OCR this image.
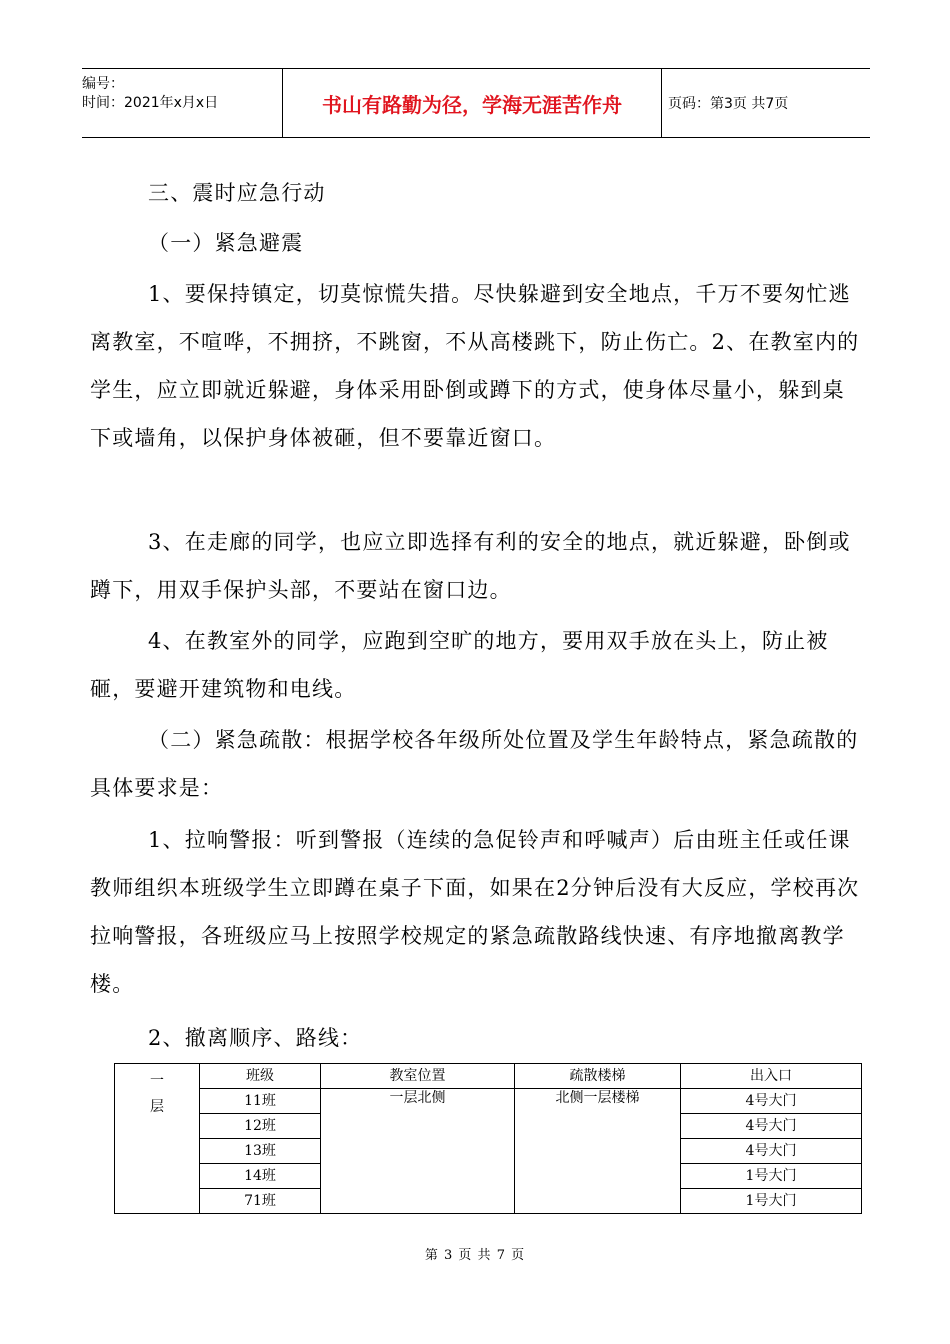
编号：
时间：2021年x月x日	书山有路勤为径，学海无涯苦作舟	页码：第3页 共7页

三、震时应急行动

（一）紧急避震

1、要保持镇定，切莫惊慌失措。尽快躲避到安全地点，千万不要匆忙逃离教室，不喧哗，不拥挤，不跳窗，不从高楼跳下，防止伤亡。2、在教室内的学生，应立即就近躲避，身体采用卧倒或蹲下的方式，使身体尽量小，躲到桌下或墙角，以保护身体被砸，但不要靠近窗口。

3、在走廊的同学，也应立即选择有利的安全的地点，就近躲避，卧倒或蹲下，用双手保护头部，不要站在窗口边。

4、在教室外的同学，应跑到空旷的地方，要用双手放在头上，防止被砸，要避开建筑物和电线。

（二）紧急疏散：根据学校各年级所处位置及学生年龄特点，紧急疏散的具体要求是：

1、拉响警报：听到警报（连续的急促铃声和呼喊声）后由班主任或任课教师组织本班级学生立即蹲在桌子下面，如果在2分钟后没有大反应，学校再次拉响警报，各班级应马上按照学校规定的紧急疏散路线快速、有序地撤离教学楼。

2、撤离顺序、路线：

一
层	班级	教室位置	疏散楼梯	出入口
	11班	一层北侧	北侧一层楼梯	4号大门
	12班			4号大门
	13班			4号大门
	14班			1号大门
	71班			1号大门
第 3 页 共 7 页
